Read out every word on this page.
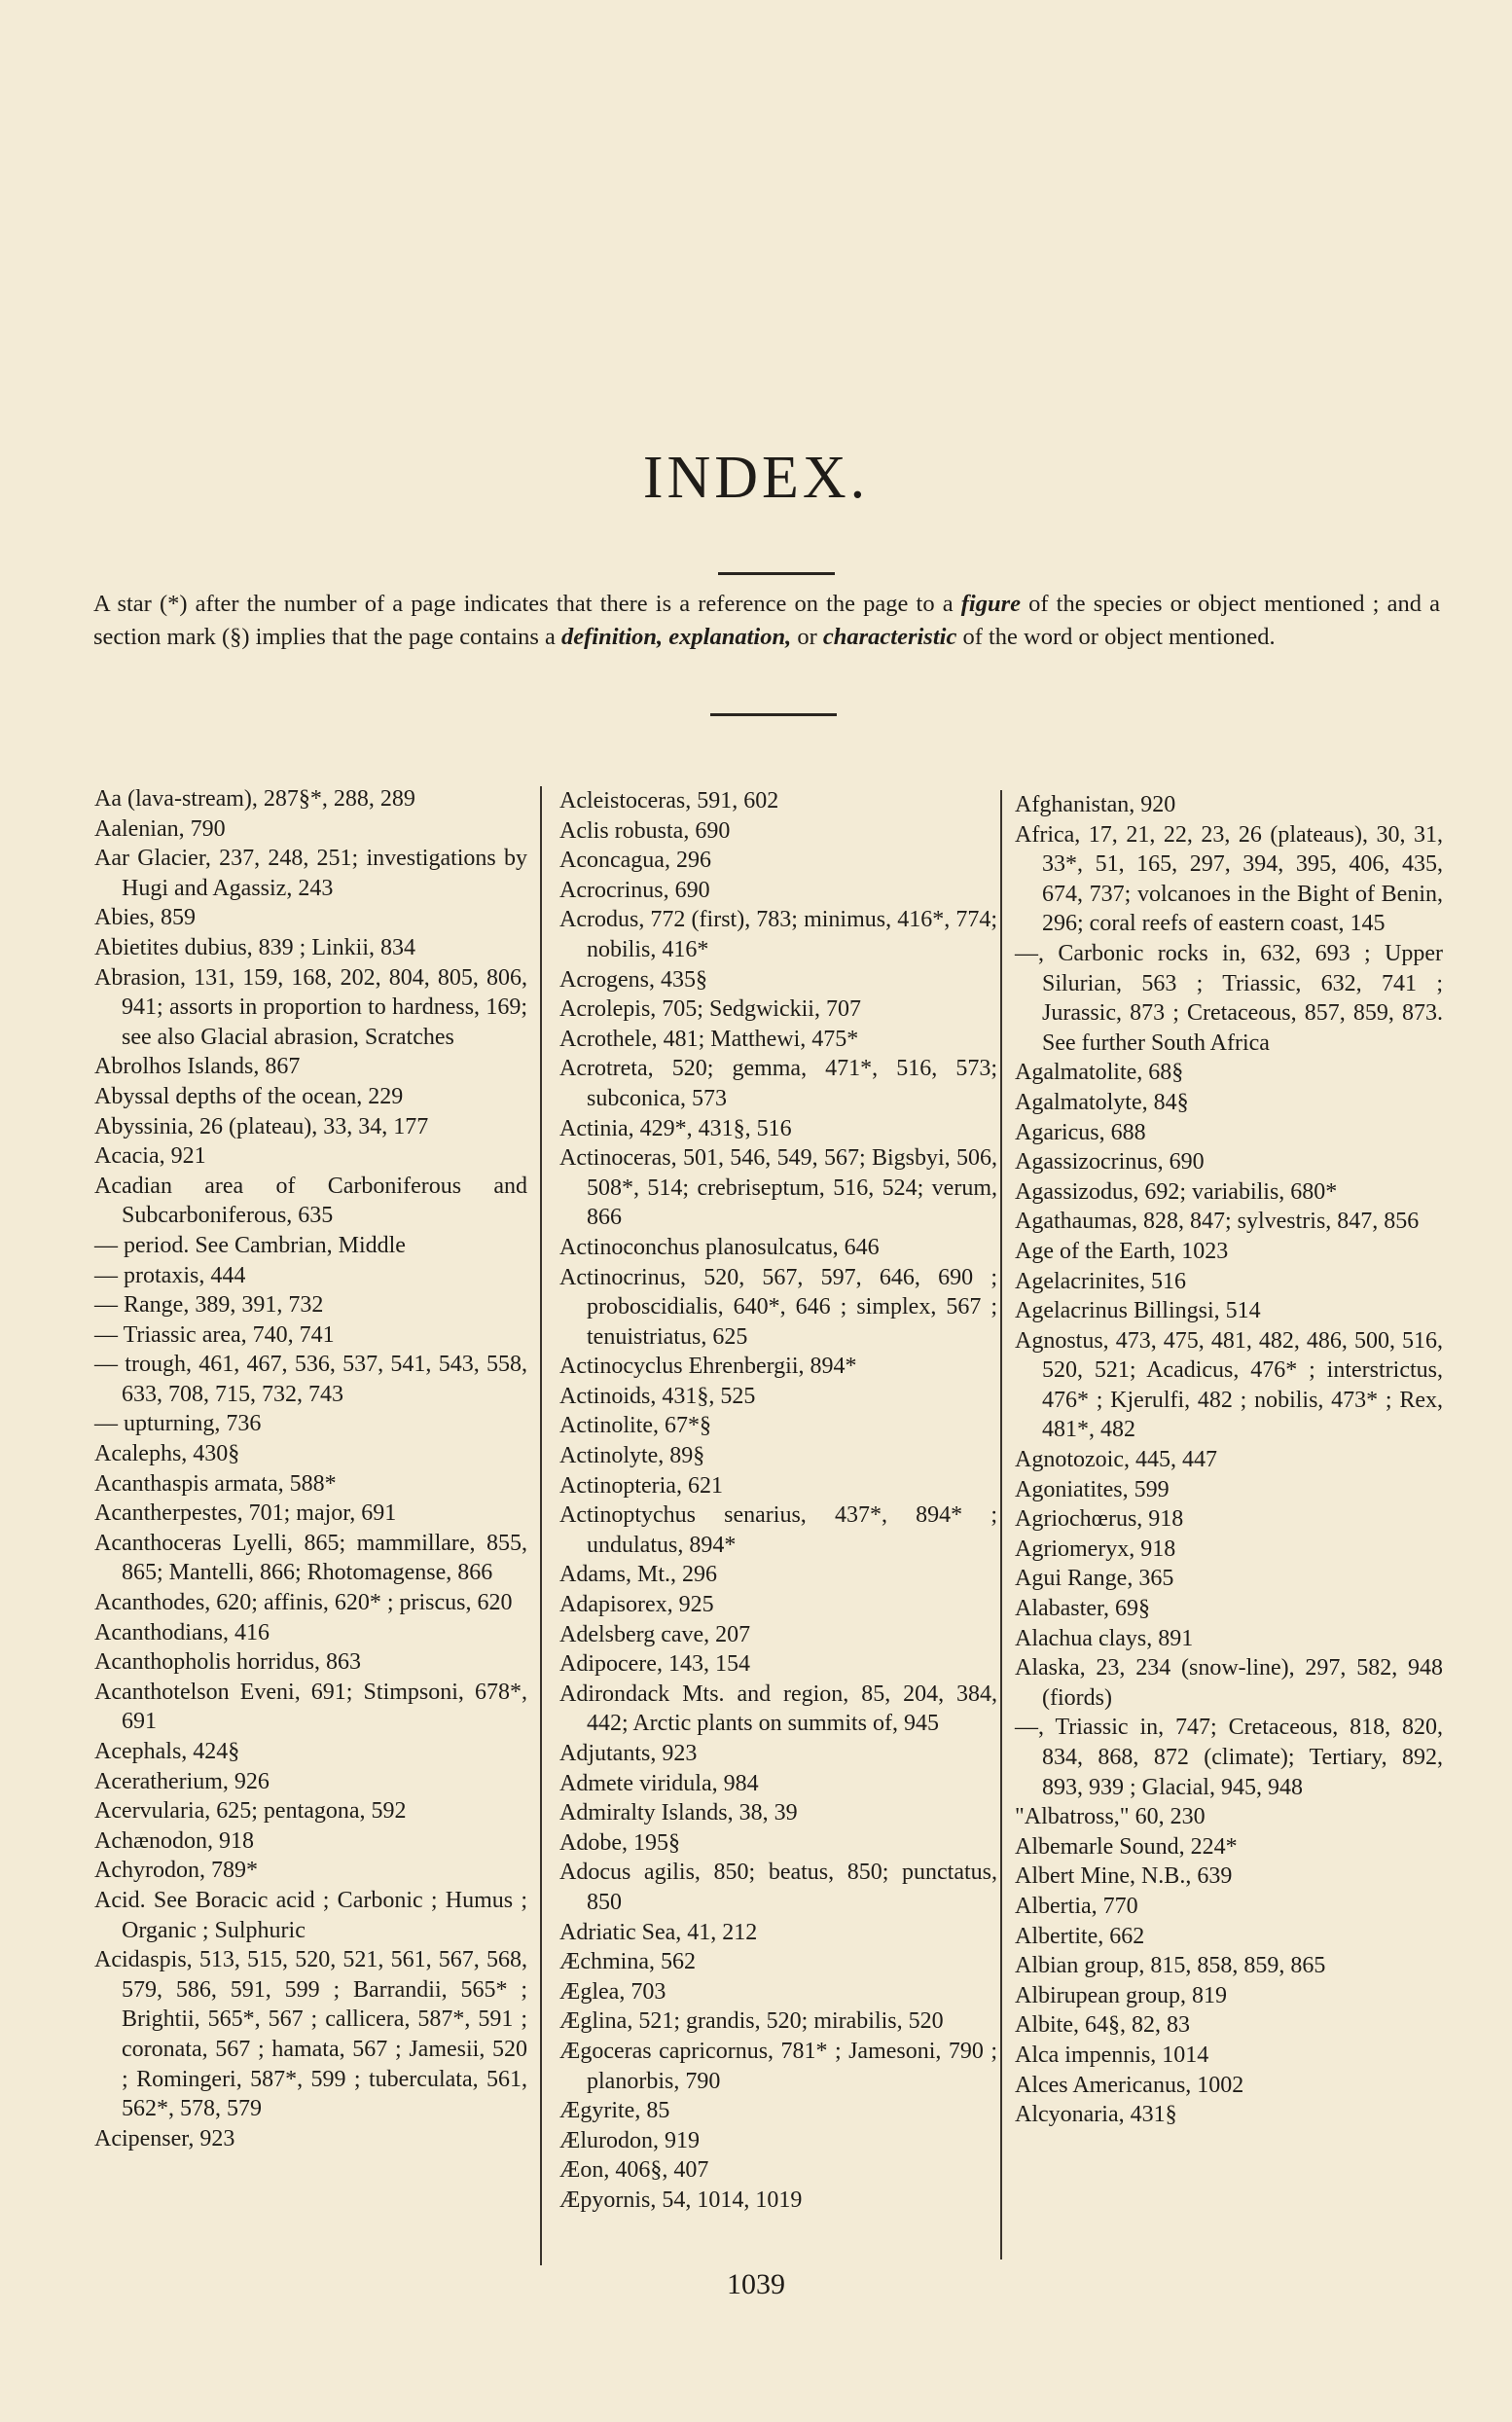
INDEX.

A star (*) after the number of a page indicates that there is a reference on the page to a figure of the species or object mentioned ; and a section mark (§) implies that the page contains a definition, explanation, or characteristic of the word or object mentioned.

Aa (lava-stream), 287§*, 288, 289

Aalenian, 790

Aar Glacier, 237, 248, 251; investigations by Hugi and Agassiz, 243

Abies, 859

Abietites dubius, 839 ; Linkii, 834

Abrasion, 131, 159, 168, 202, 804, 805, 806, 941; assorts in proportion to hardness, 169; see also Glacial abrasion, Scratches

Abrolhos Islands, 867

Abyssal depths of the ocean, 229

Abyssinia, 26 (plateau), 33, 34, 177

Acacia, 921

Acadian area of Carboniferous and Subcarboniferous, 635

— period. See Cambrian, Middle

— protaxis, 444

— Range, 389, 391, 732

— Triassic area, 740, 741

— trough, 461, 467, 536, 537, 541, 543, 558, 633, 708, 715, 732, 743

— upturning, 736

Acalephs, 430§

Acanthaspis armata, 588*

Acantherpestes, 701; major, 691

Acanthoceras Lyelli, 865; mammillare, 855, 865; Mantelli, 866; Rhotomagense, 866

Acanthodes, 620; affinis, 620* ; priscus, 620

Acanthodians, 416

Acanthopholis horridus, 863

Acanthotelson Eveni, 691; Stimpsoni, 678*, 691

Acephals, 424§

Aceratherium, 926

Acervularia, 625; pentagona, 592

Achænodon, 918

Achyrodon, 789*

Acid. See Boracic acid ; Carbonic ; Humus ; Organic ; Sulphuric

Acidaspis, 513, 515, 520, 521, 561, 567, 568, 579, 586, 591, 599 ; Barrandii, 565* ; Brightii, 565*, 567 ; callicera, 587*, 591 ; coronata, 567 ; hamata, 567 ; Jamesii, 520 ; Romingeri, 587*, 599 ; tuberculata, 561, 562*, 578, 579

Acipenser, 923

Acleistoceras, 591, 602

Aclis robusta, 690

Aconcagua, 296

Acrocrinus, 690

Acrodus, 772 (first), 783; minimus, 416*, 774; nobilis, 416*

Acrogens, 435§

Acrolepis, 705; Sedgwickii, 707

Acrothele, 481; Matthewi, 475*

Acrotreta, 520; gemma, 471*, 516, 573; subconica, 573

Actinia, 429*, 431§, 516

Actinoceras, 501, 546, 549, 567; Bigsbyi, 506, 508*, 514; crebriseptum, 516, 524; verum, 866

Actinoconchus planosulcatus, 646

Actinocrinus, 520, 567, 597, 646, 690 ; proboscidialis, 640*, 646 ; simplex, 567 ; tenuistriatus, 625

Actinocyclus Ehrenbergii, 894*

Actinoids, 431§, 525

Actinolite, 67*§

Actinolyte, 89§

Actinopteria, 621

Actinoptychus senarius, 437*, 894* ; undulatus, 894*

Adams, Mt., 296

Adapisorex, 925

Adelsberg cave, 207

Adipocere, 143, 154

Adirondack Mts. and region, 85, 204, 384, 442; Arctic plants on summits of, 945

Adjutants, 923

Admete viridula, 984

Admiralty Islands, 38, 39

Adobe, 195§

Adocus agilis, 850; beatus, 850; punctatus, 850

Adriatic Sea, 41, 212

Æchmina, 562

Æglea, 703

Æglina, 521; grandis, 520; mirabilis, 520

Ægoceras capricornus, 781* ; Jamesoni, 790 ; planorbis, 790

Ægyrite, 85

Ælurodon, 919

Æon, 406§, 407

Æpyornis, 54, 1014, 1019

Afghanistan, 920

Africa, 17, 21, 22, 23, 26 (plateaus), 30, 31, 33*, 51, 165, 297, 394, 395, 406, 435, 674, 737; volcanoes in the Bight of Benin, 296; coral reefs of eastern coast, 145

—, Carbonic rocks in, 632, 693 ; Upper Silurian, 563 ; Triassic, 632, 741 ; Jurassic, 873 ; Cretaceous, 857, 859, 873. See further South Africa

Agalmatolite, 68§

Agalmatolyte, 84§

Agaricus, 688

Agassizocrinus, 690

Agassizodus, 692; variabilis, 680*

Agathaumas, 828, 847; sylvestris, 847, 856

Age of the Earth, 1023

Agelacrinites, 516

Agelacrinus Billingsi, 514

Agnostus, 473, 475, 481, 482, 486, 500, 516, 520, 521; Acadicus, 476* ; interstrictus, 476* ; Kjerulfi, 482 ; nobilis, 473* ; Rex, 481*, 482

Agnotozoic, 445, 447

Agoniatites, 599

Agriochœrus, 918

Agriomeryx, 918

Agui Range, 365

Alabaster, 69§

Alachua clays, 891

Alaska, 23, 234 (snow-line), 297, 582, 948 (fiords)

—, Triassic in, 747; Cretaceous, 818, 820, 834, 868, 872 (climate); Tertiary, 892, 893, 939 ; Glacial, 945, 948

"Albatross," 60, 230

Albemarle Sound, 224*

Albert Mine, N.B., 639

Albertia, 770

Albertite, 662

Albian group, 815, 858, 859, 865

Albirupean group, 819

Albite, 64§, 82, 83

Alca impennis, 1014

Alces Americanus, 1002

Alcyonaria, 431§

1039
